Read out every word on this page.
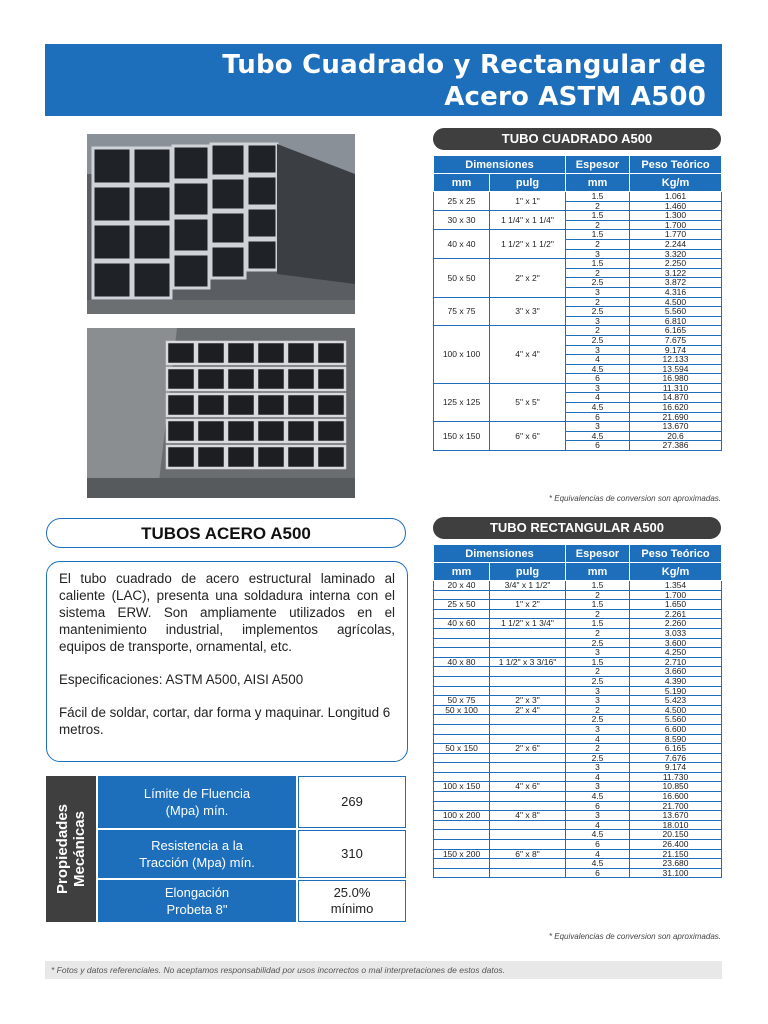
Tubo Cuadrado y Rectangular de
Acero ASTM A500
TUBO CUADRADO A500
Dimensiones		Espesor	Peso Teórico
mm	pulg	mm	Kg/m
25 x 25	1" x 1"	1.5	1.061
		2	1.460
30 x 30	1 1/4" x 1 1/4"	1.5	1.300
		2	1.700
40 x 40	1 1/2" x 1 1/2"	1.5	1.770
		2	2.244
		3	3.320
50 x 50	2" x 2"	1.5	2.250
		2	3.122
		2.5	3.872
		3	4.316
75 x 75	3" x 3"	2	4.500
		2.5	5.560
		3	6.810
100 x 100	4" x 4"	2	6.165
		2.5	7.675
		3	9.174
		4	12.133
		4.5	13.594
		6	16.980
125 x 125	5" x 5"	3	11.310
		4	14.870
		4.5	16.620
		6	21.690
150 x 150	6" x 6"	3	13.670
		4.5	20.6
		6	27.386
* Equivalencias de conversion son aproximadas.
TUBO RECTANGULAR A500
Dimensiones		Espesor	Peso Teórico
mm	pulg	mm	Kg/m
20 x 40	3/4" x 1 1/2"	1.5	1.354
		2	1.700
25 x 50	1" x 2"	1.5	1.650
		2	2.261
40 x 60	1 1/2" x 1 3/4"	1.5	2.260
		2	3.033
		2.5	3.600
		3	4.250
40 x 80	1 1/2" x 3 3/16"	1.5	2.710
		2	3.660
		2.5	4.390
		3	5.190
50 x 75	2" x 3"	3	5.423
50 x 100	2" x 4"	2	4.500
		2.5	5.560
		3	6.600
		4	8.590
50 x 150	2" x 6"	2	6.165
		2.5	7.676
		3	9.174
		4	11.730
100 x 150	4" x 6"	3	10.850
		4.5	16.600
		6	21.700
100 x 200	4" x 8"	3	13.670
		4	18.010
		4.5	20.150
		6	26.400
150 x 200	6" x 8"	4	21.150
		4.5	23.680
		6	31.100
* Equivalencias de conversion son aproximadas.
TUBOS ACERO A500

El tubo cuadrado de acero estructural laminado al caliente (LAC), presenta una soldadura interna con el sistema ERW. Son ampliamente utilizados en el mantenimiento industrial, implementos agrícolas, equipos de transporte, ornamental, etc.

Especificaciones: ASTM A500, AISI A500

Fácil de soldar, cortar, dar forma y maquinar. Longitud 6 metros.

Propiedades Mecánicas
Límite de Fluencia
(Mpa) mín.
269
Resistencia a la
Tracción (Mpa) mín.
310
Elongación
Probeta 8"
25.0%
mínimo
* Fotos y datos referenciales. No aceptamos responsabilidad por usos incorrectos o mal interpretaciones de estos datos.
